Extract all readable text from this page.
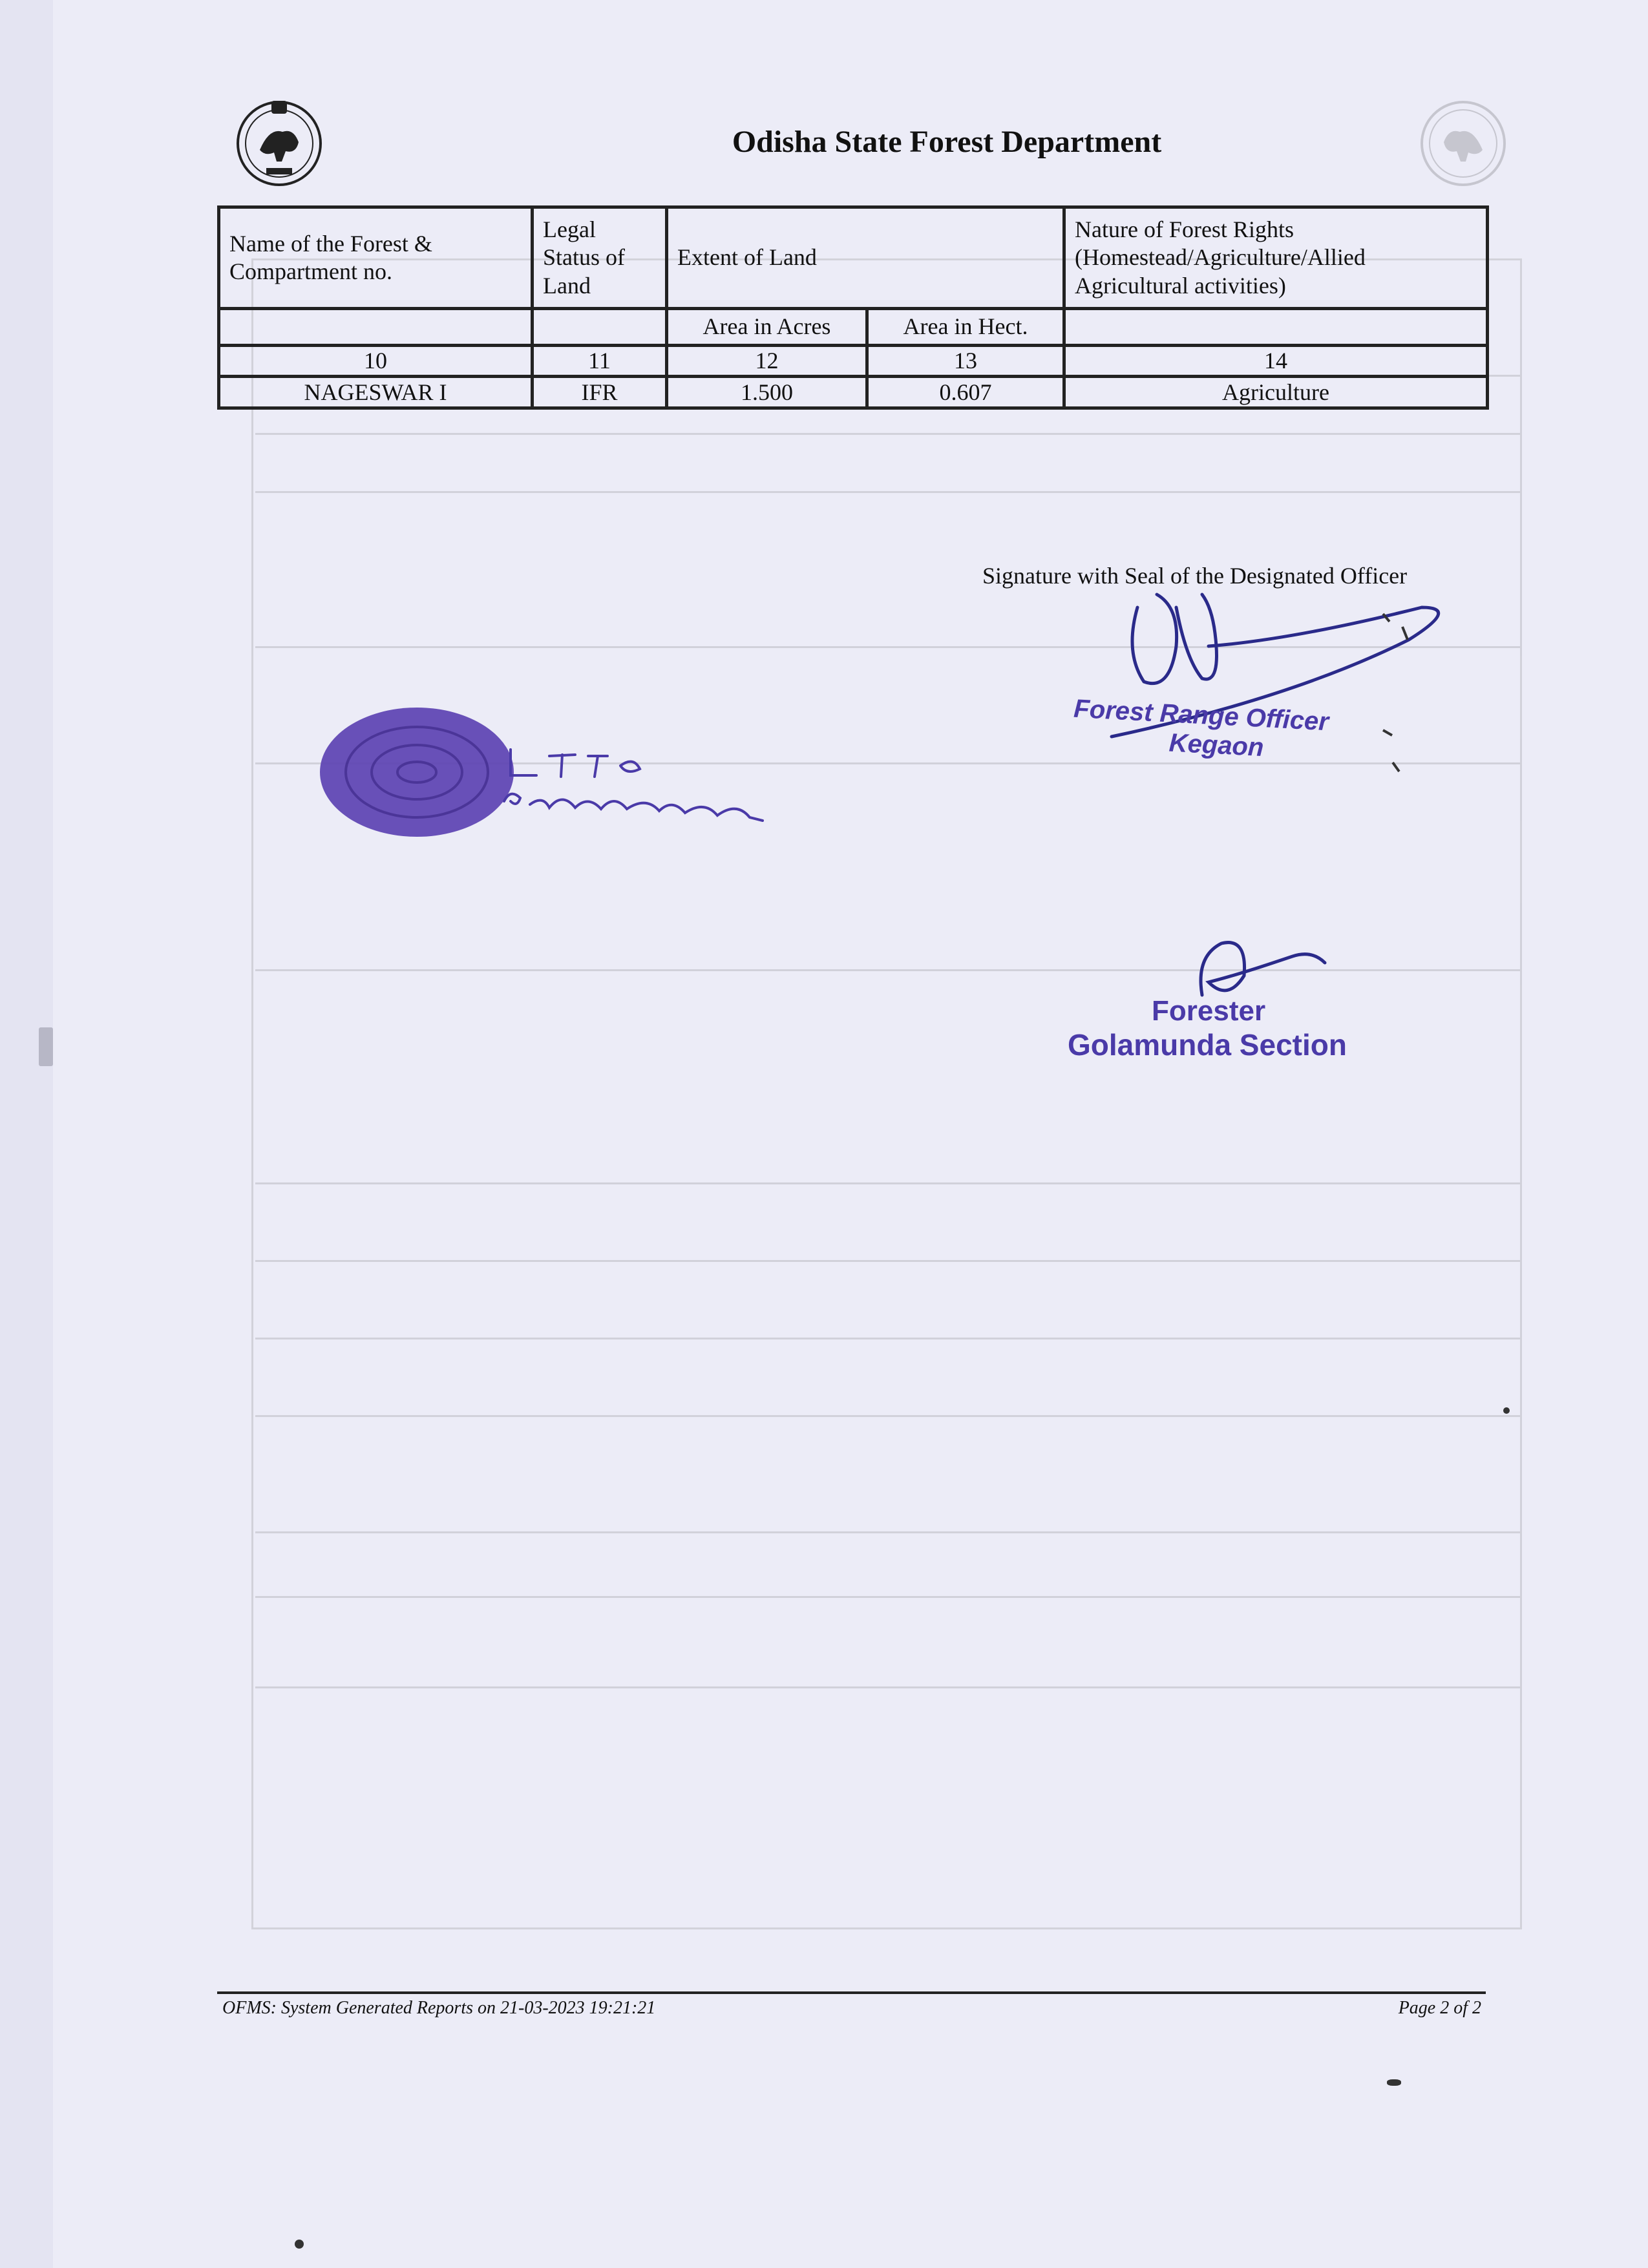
Odisha State Forest Department
Name of the Forest & Compartment no.	Legal Status of Land	Extent of Land		Nature of Forest Rights (Homestead/Agriculture/Allied Agricultural activities)
		Area in Acres	Area in Hect.	
10	11	12	13	14
NAGESWAR I	IFR	1.500	0.607	Agriculture
Signature with Seal of the Designated Officer
Forest Range Officer
Kegaon
Forester
Golamunda Section
OFMS: System Generated Reports on 21-03-2023 19:21:21	Page 2 of 2
